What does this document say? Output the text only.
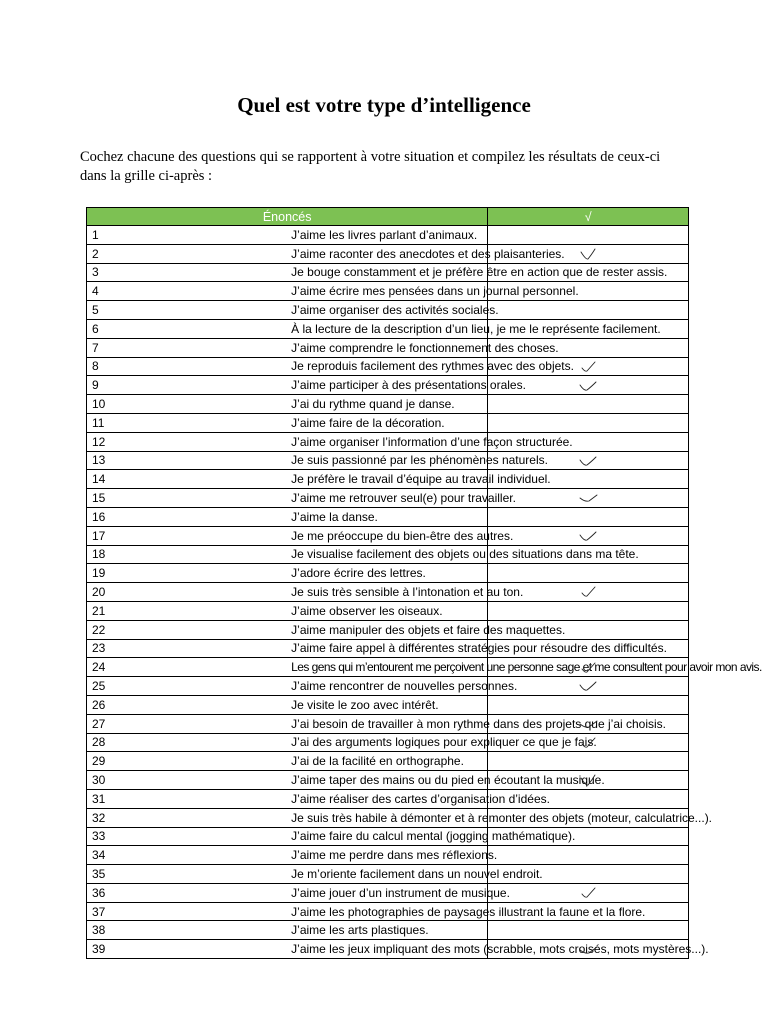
Quel est votre type d’intelligence
Cochez chacune des questions qui se rapportent à votre situation et compilez les résultats de ceux-ci dans la grille ci-après :
Énoncés		√
1	J’aime les livres parlant d’animaux.	
2	J’aime raconter des anecdotes et des plaisanteries.	
3	Je bouge constamment et je préfère être en action que de rester assis.	
4	J’aime écrire mes pensées dans un journal personnel.	
5	J’aime organiser des activités sociales.	
6	À la lecture de la description d’un lieu, je me le représente facilement.	
7	J’aime comprendre le fonctionnement des choses.	
8	Je reproduis facilement des rythmes avec des objets.	
9	J’aime participer à des présentations orales.	
10	J’ai du rythme quand je danse.	
11	J’aime faire de la décoration.	
12	J’aime organiser l’information d’une façon structurée.	
13	Je suis passionné par les phénomènes naturels.	
14	Je préfère le travail d’équipe au travail individuel.	
15	J’aime me retrouver seul(e) pour travailler.	
16	J’aime la danse.	
17	Je me préoccupe du bien-être des autres.	
18	Je visualise facilement des objets ou des situations dans ma tête.	
19	J’adore écrire des lettres.	
20	Je suis très sensible à l’intonation et au ton.	
21	J’aime observer les oiseaux.	
22	J’aime manipuler des objets et faire des maquettes.	
23	J’aime faire appel à différentes stratégies pour résoudre des difficultés.	
24	Les gens qui m’entourent me perçoivent une personne sage et me consultent pour avoir mon avis.	
25	J’aime rencontrer de nouvelles personnes.	
26	Je visite le zoo avec intérêt.	
27	J’ai besoin de travailler à mon rythme dans des projets que j’ai choisis.	
28	J’ai des arguments logiques pour expliquer ce que je fais.	
29	J’ai de la facilité en orthographe.	
30	J’aime taper des mains ou du pied en écoutant la musique.	
31	J’aime réaliser des cartes d’organisation d’idées.	
32	Je suis très habile à démonter et à remonter des objets (moteur, calculatrice...).	
33	J’aime faire du calcul mental (jogging mathématique).	
34	J’aime me perdre dans mes réflexions.	
35	Je m’oriente facilement dans un nouvel endroit.	
36	J’aime jouer d’un instrument de musique.	
37	J’aime les photographies de paysages illustrant la faune et la flore.	
38	J’aime les arts plastiques.	
39	J’aime les jeux impliquant des mots (scrabble, mots croisés, mots mystères...).	
